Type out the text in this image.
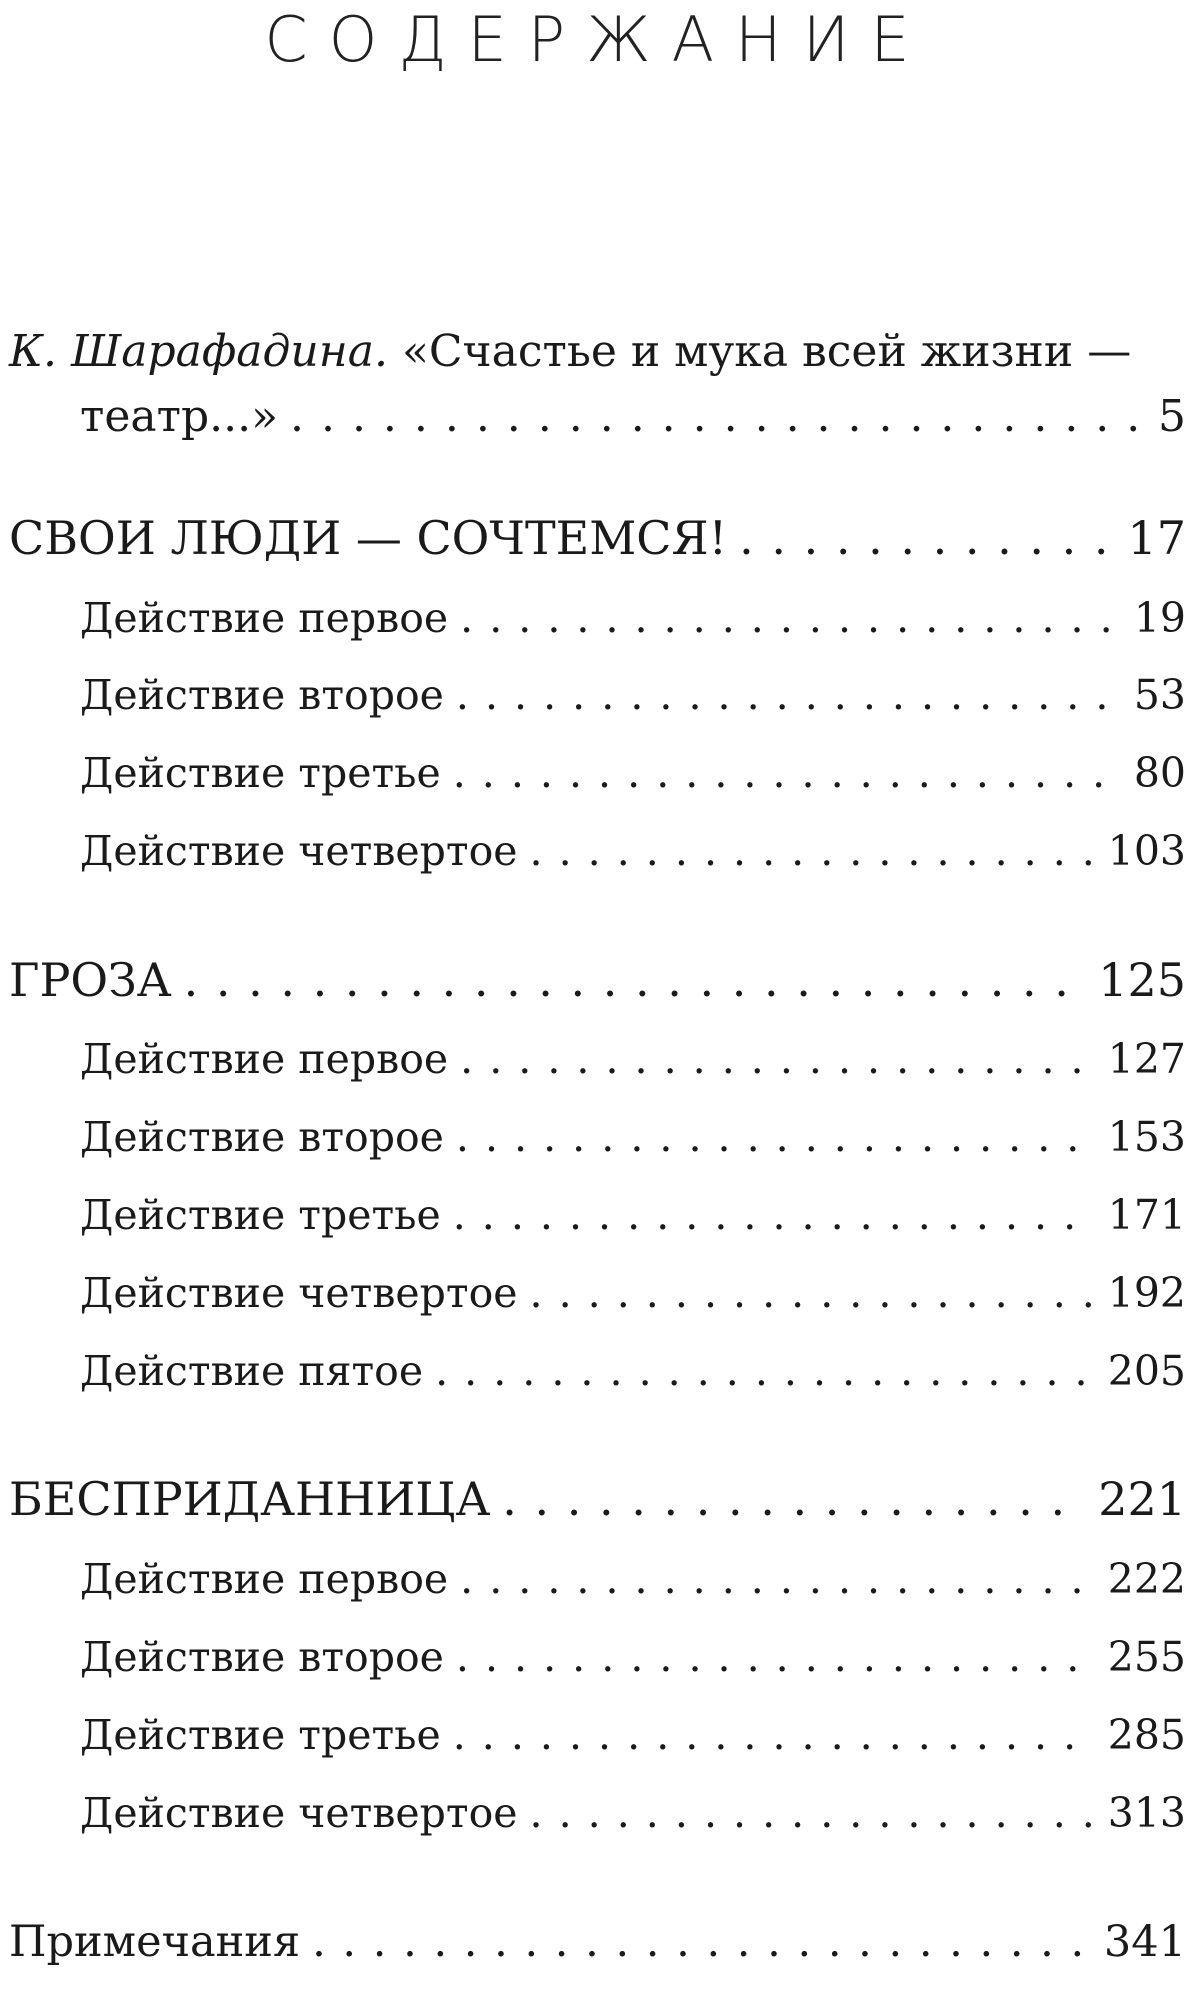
СОДЕРЖАНИЕ
К. Шарафадина. «Счастье и мука всей жизни —
театр...» . . .	5
СВОИ ЛЮДИ — СОЧТЕМСЯ! . . .	17
Действие первое . . .	19
Действие второе . . .	53
Действие третье . . .	80
Действие четвертое . . .	103
ГРОЗА . . .	125
Действие первое . . .	127
Действие второе . . .	153
Действие третье . . .	171
Действие четвертое . . .	192
Действие пятое . . .	205
БЕСПРИДАННИЦА . . .	221
Действие первое . . .	222
Действие второе . . .	255
Действие третье . . .	285
Действие четвертое . . .	313
Примечания . . .	341
